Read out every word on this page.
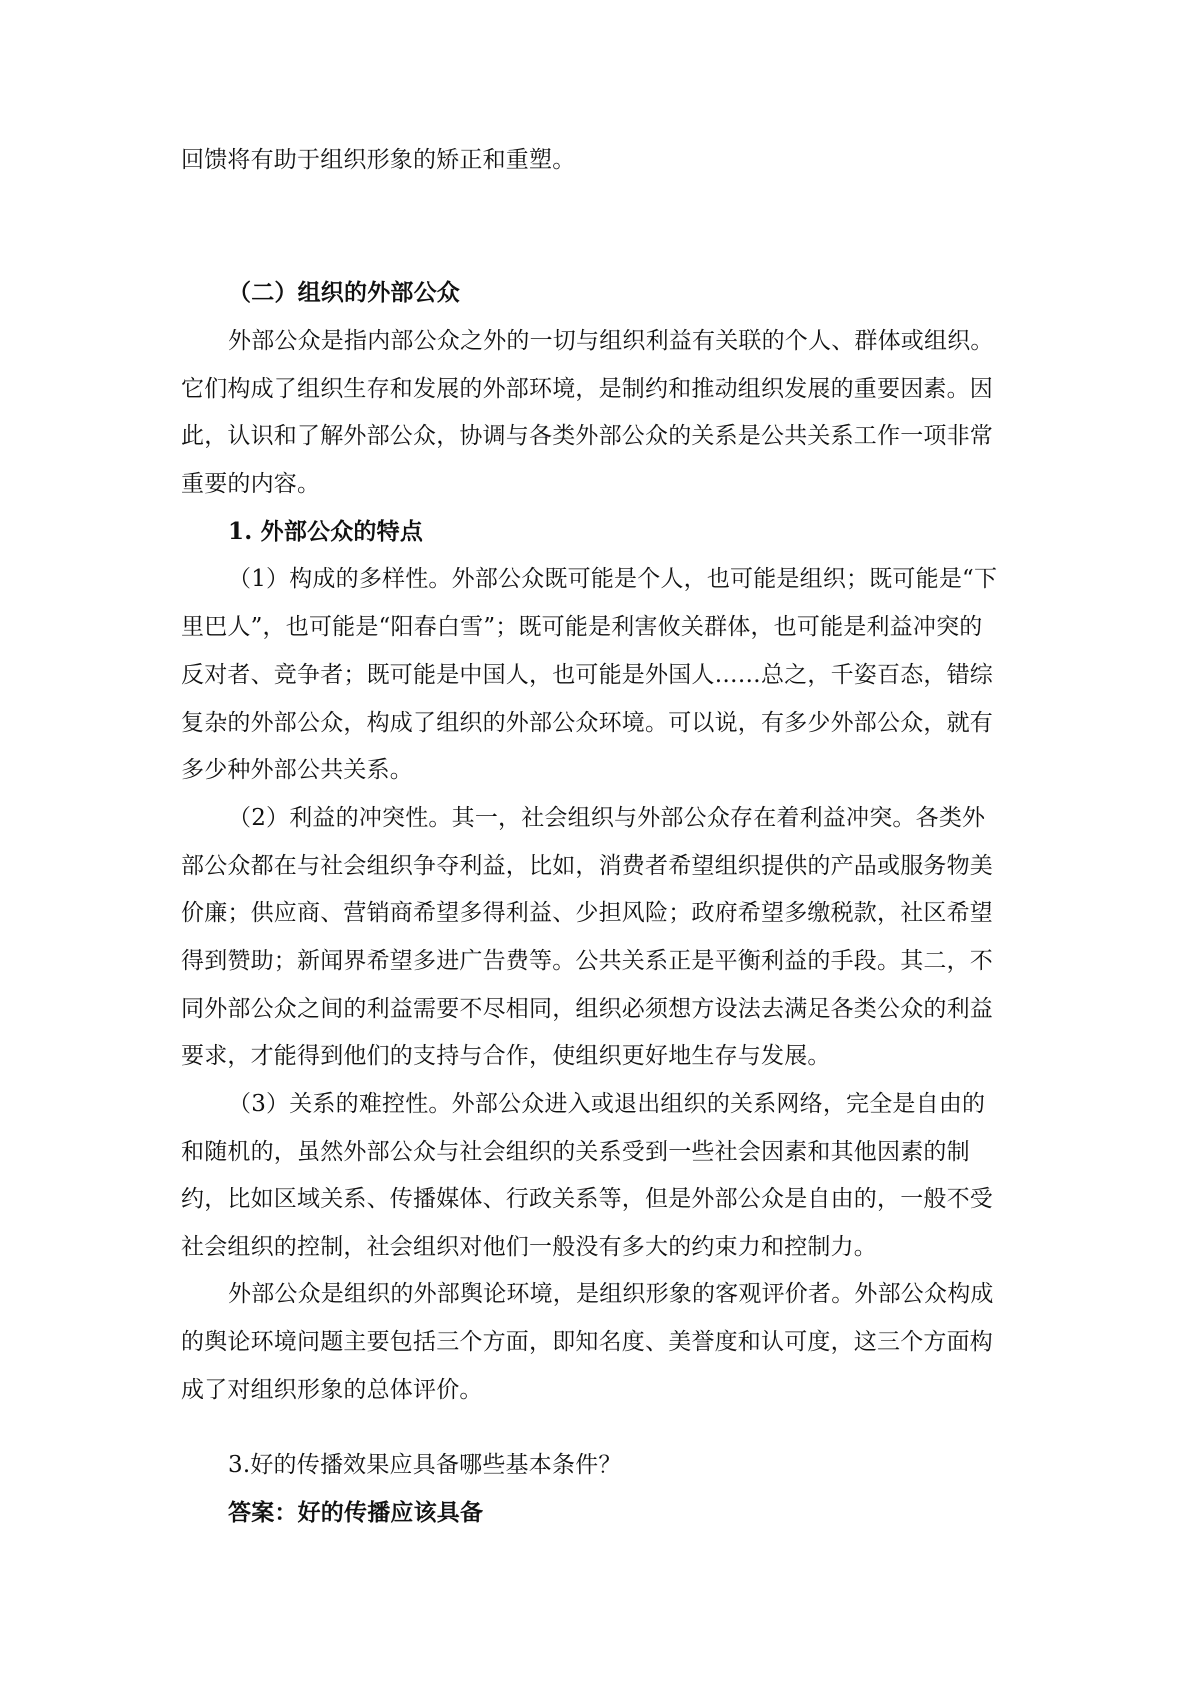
回馈将有助于组织形象的矫正和重塑。
（二）组织的外部公众
外部公众是指内部公众之外的一切与组织利益有关联的个人、群体或组织。
它们构成了组织生存和发展的外部环境，是制约和推动组织发展的重要因素。因
此，认识和了解外部公众，协调与各类外部公众的关系是公共关系工作一项非常
重要的内容。
1. 外部公众的特点
（1）构成的多样性。外部公众既可能是个人，也可能是组织；既可能是“下
里巴人”，也可能是“阳春白雪”；既可能是利害攸关群体，也可能是利益冲突的
反对者、竞争者；既可能是中国人，也可能是外国人……总之，千姿百态，错综
复杂的外部公众，构成了组织的外部公众环境。可以说，有多少外部公众，就有
多少种外部公共关系。
（2）利益的冲突性。其一，社会组织与外部公众存在着利益冲突。各类外
部公众都在与社会组织争夺利益，比如，消费者希望组织提供的产品或服务物美
价廉；供应商、营销商希望多得利益、少担风险；政府希望多缴税款，社区希望
得到赞助；新闻界希望多进广告费等。公共关系正是平衡利益的手段。其二，不
同外部公众之间的利益需要不尽相同，组织必须想方设法去满足各类公众的利益
要求，才能得到他们的支持与合作，使组织更好地生存与发展。
（3）关系的难控性。外部公众进入或退出组织的关系网络，完全是自由的
和随机的，虽然外部公众与社会组织的关系受到一些社会因素和其他因素的制
约，比如区域关系、传播媒体、行政关系等，但是外部公众是自由的，一般不受
社会组织的控制，社会组织对他们一般没有多大的约束力和控制力。
外部公众是组织的外部舆论环境，是组织形象的客观评价者。外部公众构成
的舆论环境问题主要包括三个方面，即知名度、美誉度和认可度，这三个方面构
成了对组织形象的总体评价。
3.好的传播效果应具备哪些基本条件？
答案：好的传播应该具备
